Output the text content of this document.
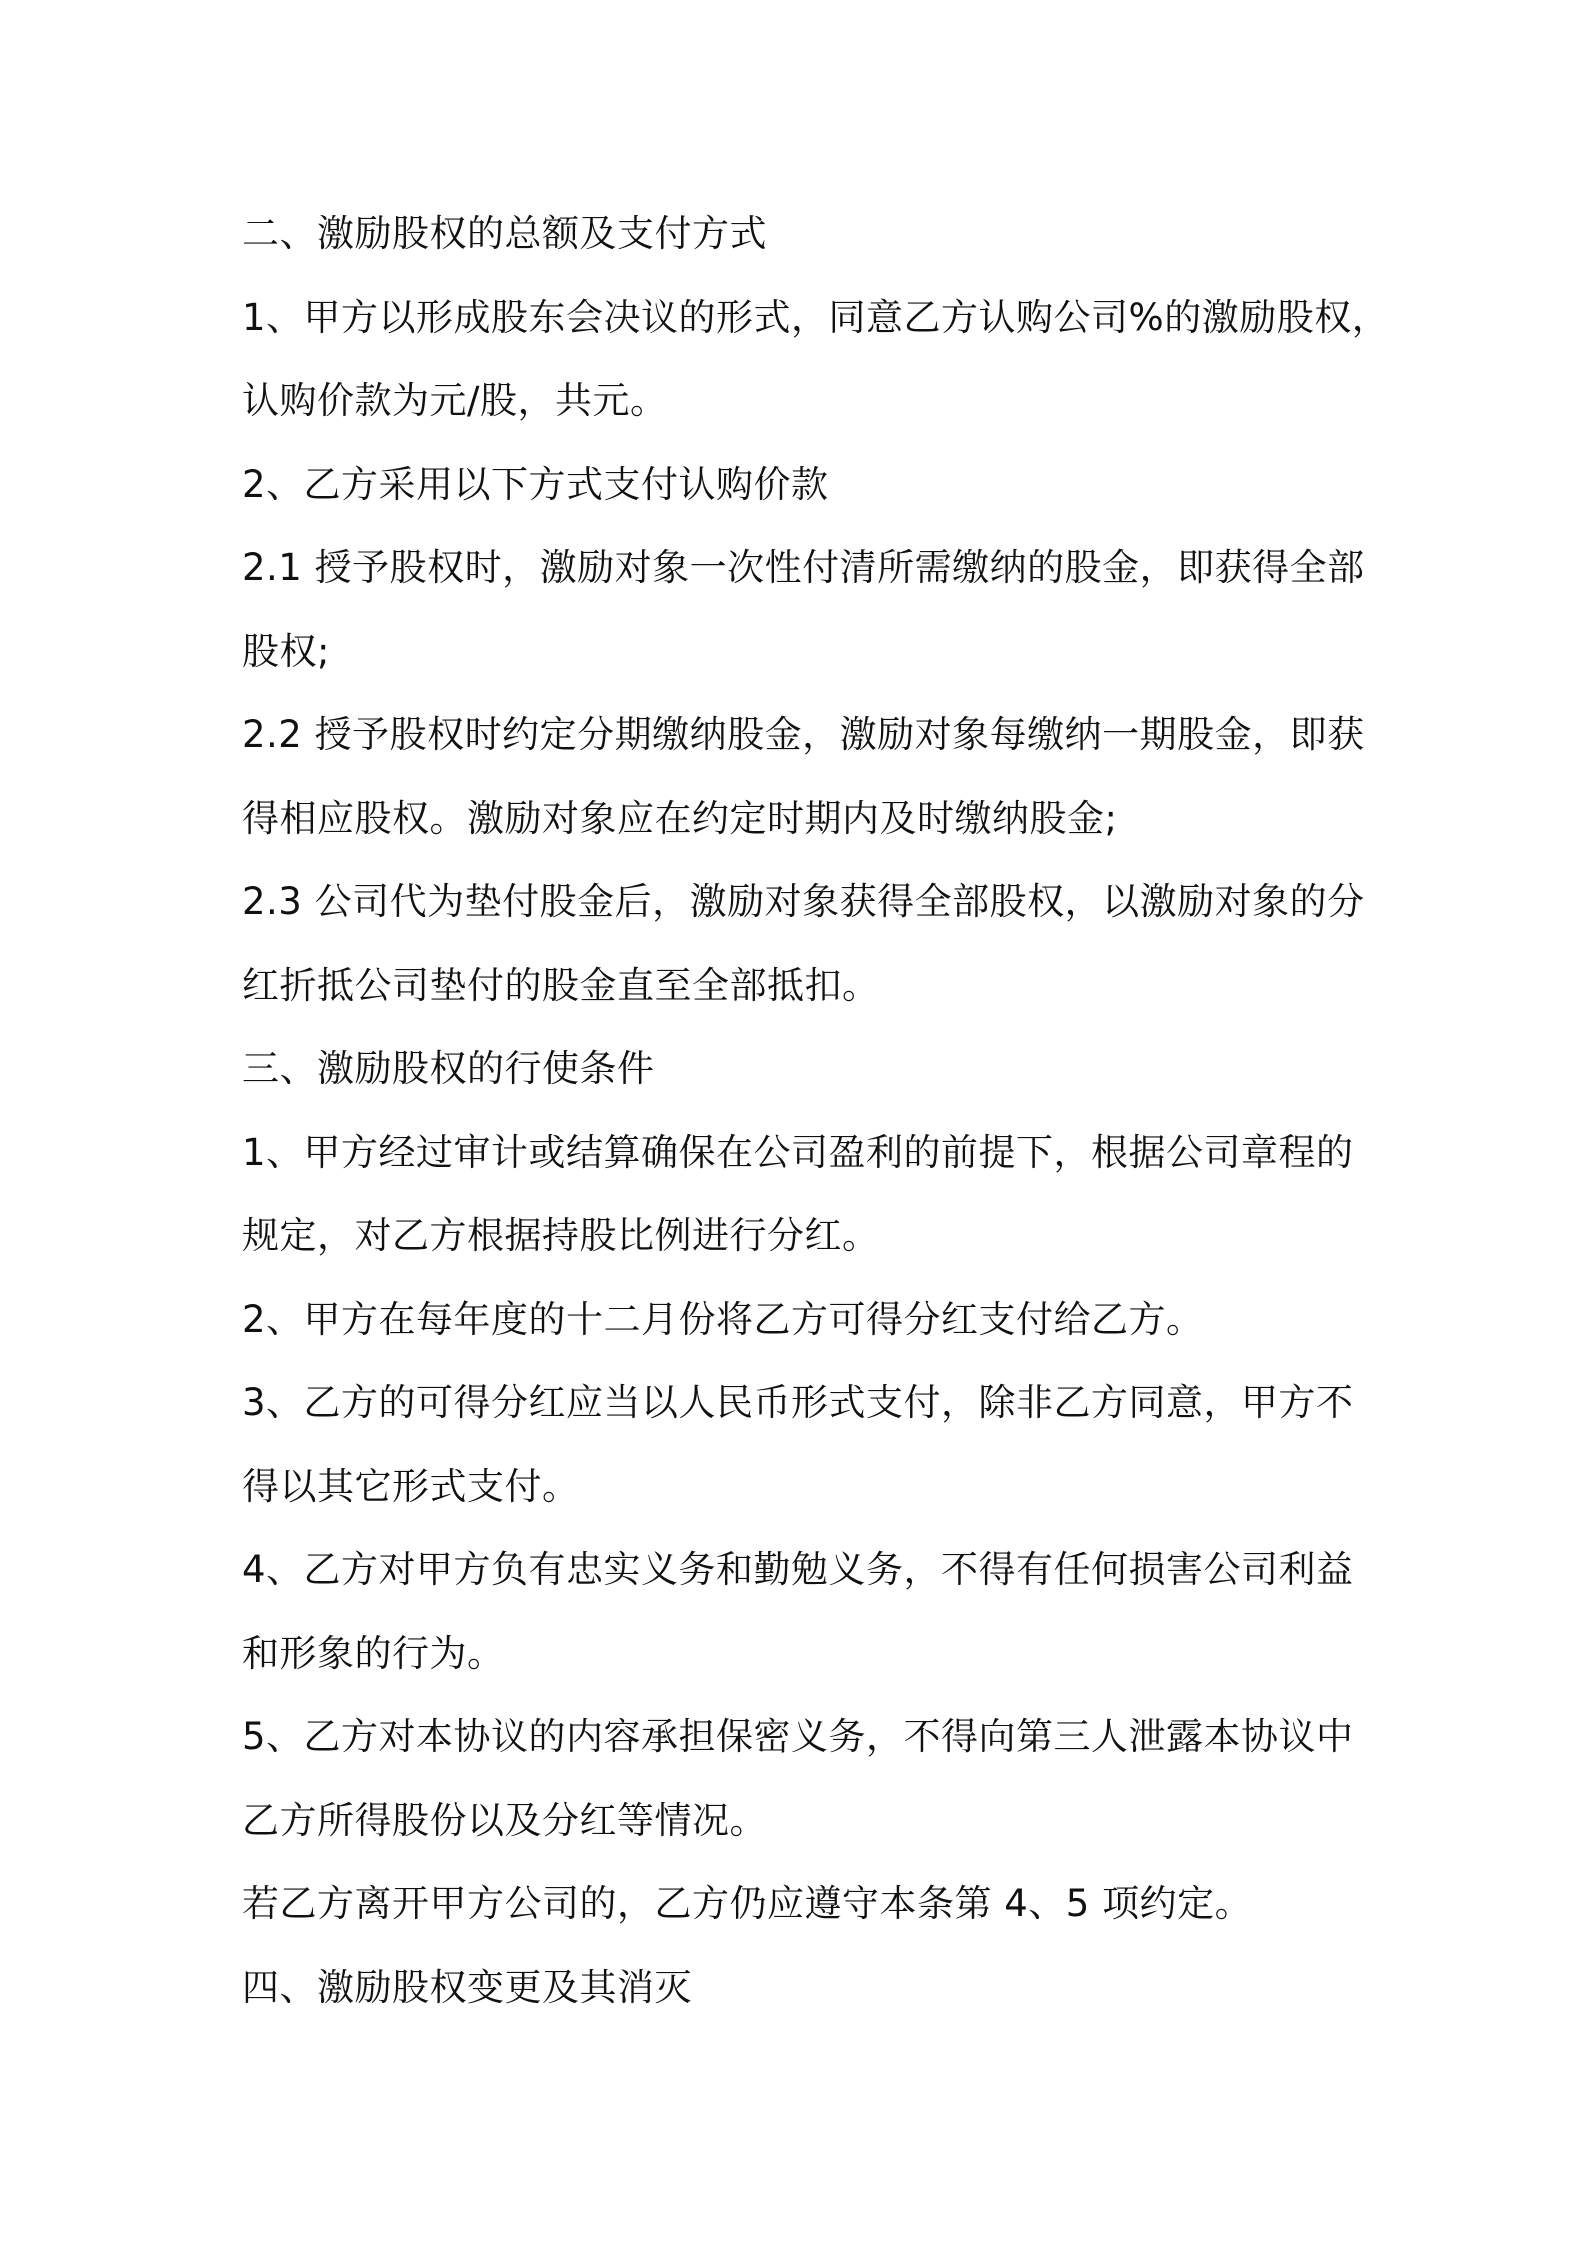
二、激励股权的总额及支付方式
1、甲方以形成股东会决议的形式，同意乙方认购公司%的激励股权，
认购价款为元/股，共元。
2、乙方采用以下方式支付认购价款
2.1 授予股权时，激励对象一次性付清所需缴纳的股金，即获得全部
股权;
2.2 授予股权时约定分期缴纳股金，激励对象每缴纳一期股金，即获
得相应股权。激励对象应在约定时期内及时缴纳股金;
2.3 公司代为垫付股金后，激励对象获得全部股权，以激励对象的分
红折抵公司垫付的股金直至全部抵扣。
三、激励股权的行使条件
1、甲方经过审计或结算确保在公司盈利的前提下，根据公司章程的
规定，对乙方根据持股比例进行分红。
2、甲方在每年度的十二月份将乙方可得分红支付给乙方。
3、乙方的可得分红应当以人民币形式支付，除非乙方同意，甲方不
得以其它形式支付。
4、乙方对甲方负有忠实义务和勤勉义务，不得有任何损害公司利益
和形象的行为。
5、乙方对本协议的内容承担保密义务，不得向第三人泄露本协议中
乙方所得股份以及分红等情况。
若乙方离开甲方公司的，乙方仍应遵守本条第 4、5 项约定。
四、激励股权变更及其消灭
